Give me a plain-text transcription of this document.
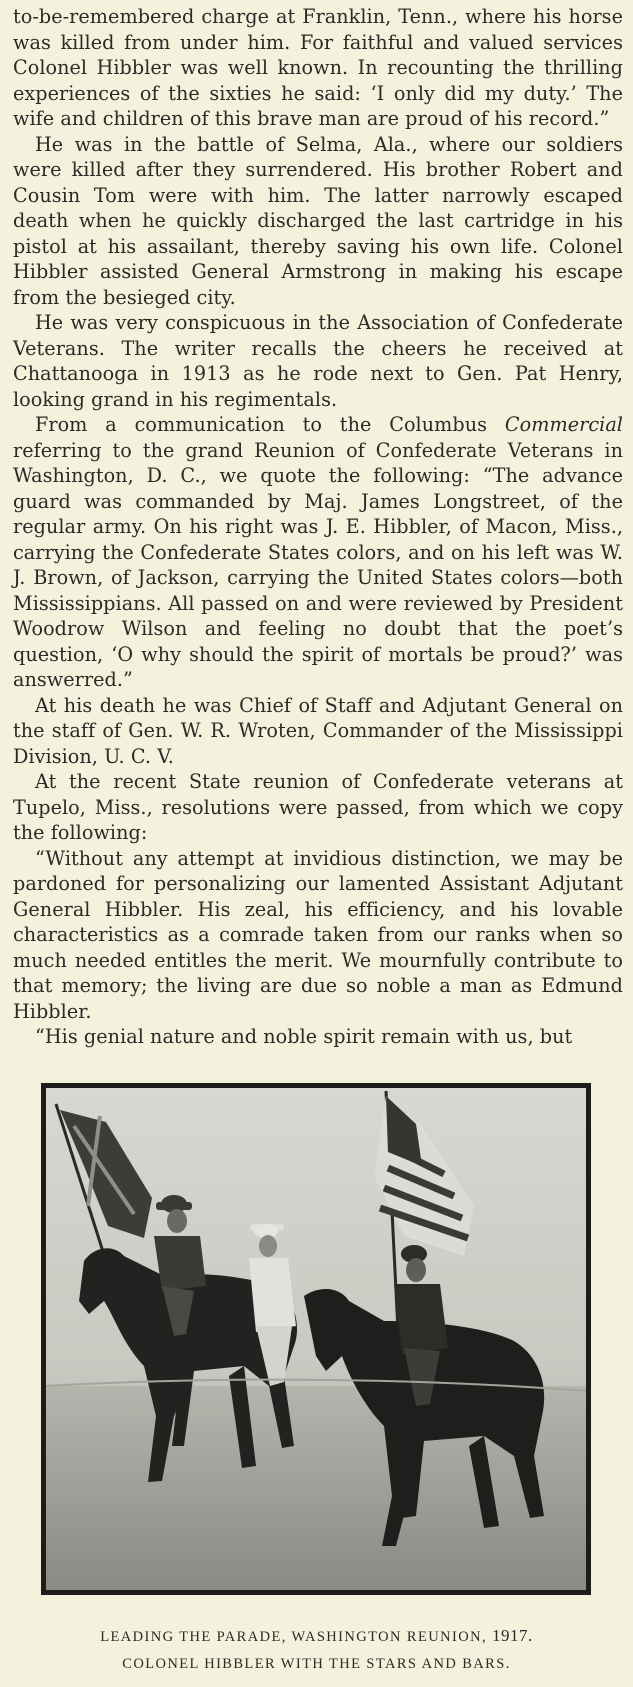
to-be-remembered charge at Franklin, Tenn., where his horse was killed from under him. For faithful and valued services Colonel Hibbler was well known. In recounting the thrilling experiences of the sixties he said: ‘I only did my duty.’ The wife and children of this brave man are proud of his record.”

He was in the battle of Selma, Ala., where our soldiers were killed after they surrendered. His brother Robert and Cousin Tom were with him. The latter narrowly escaped death when he quickly discharged the last cartridge in his pistol at his assailant, thereby saving his own life. Colonel Hibbler assisted General Armstrong in making his escape from the besieged city.

He was very conspicuous in the Association of Confederate Veterans. The writer recalls the cheers he received at Chattanooga in 1913 as he rode next to Gen. Pat Henry, looking grand in his regimentals.

From a communication to the Columbus Commercial referring to the grand Reunion of Confederate Veterans in Washington, D. C., we quote the following: “The advance guard was commanded by Maj. James Longstreet, of the regular army. On his right was J. E. Hibbler, of Macon, Miss., carrying the Confederate States colors, and on his left was W. J. Brown, of Jackson, carrying the United States colors—both Mississippians. All passed on and were reviewed by President Woodrow Wilson and feeling no doubt that the poet’s question, ‘O why should the spirit of mortals be proud?’ was answerred.”

At his death he was Chief of Staff and Adjutant General on the staff of Gen. W. R. Wroten, Commander of the Mississippi Division, U. C. V.

At the recent State reunion of Confederate veterans at Tupelo, Miss., resolutions were passed, from which we copy the following:

“Without any attempt at invidious distinction, we may be pardoned for personalizing our lamented Assistant Adjutant General Hibbler. His zeal, his efficiency, and his lovable characteristics as a comrade taken from our ranks when so much needed entitles the merit. We mournfully contribute to that memory; the living are due so noble a man as Edmund Hibbler.

“His genial nature and noble spirit remain with us, but

LEADING THE PARADE, WASHINGTON REUNION, 1917.
COLONEL HIBBLER WITH THE STARS AND BARS.
